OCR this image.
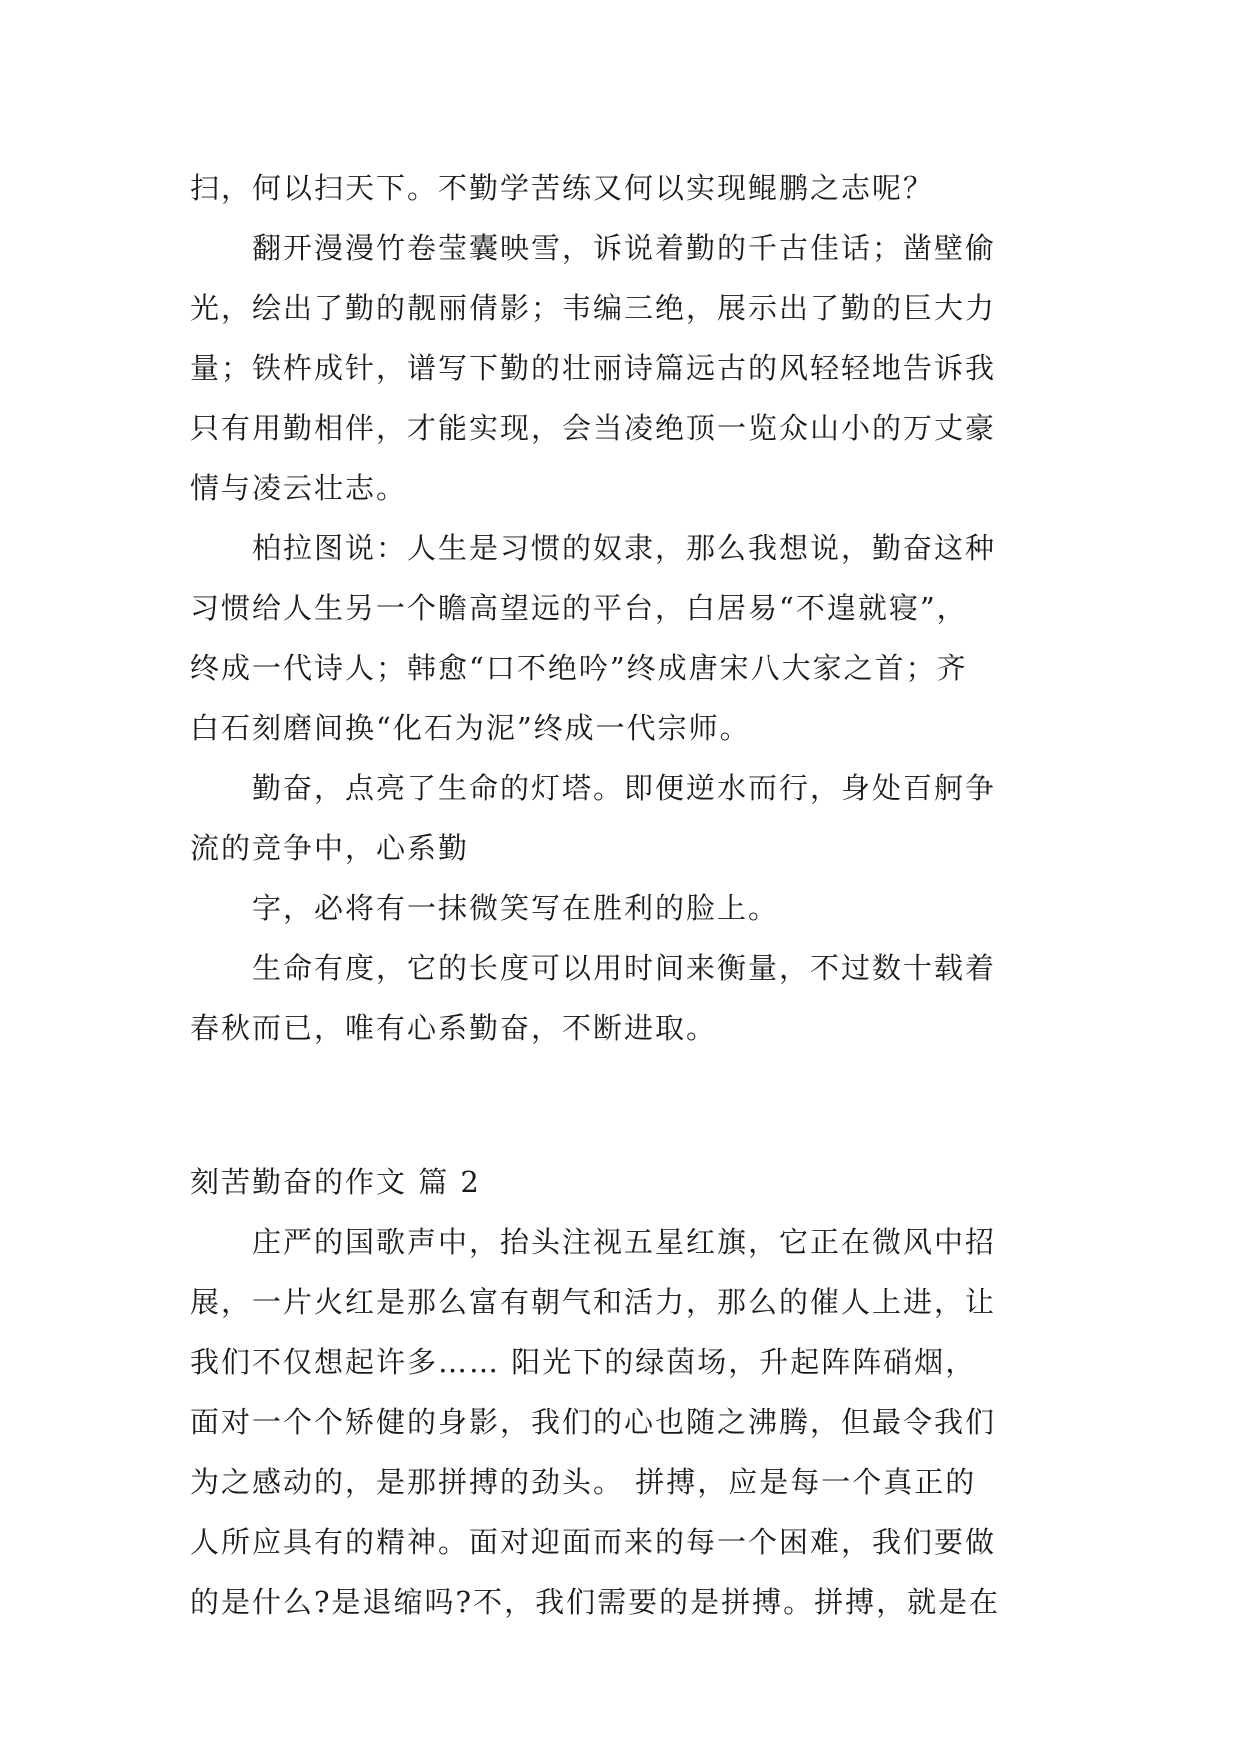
扫，何以扫天下。不勤学苦练又何以实现鲲鹏之志呢？
翻开漫漫竹卷莹囊映雪，诉说着勤的千古佳话；凿壁偷
光，绘出了勤的靓丽倩影；韦编三绝，展示出了勤的巨大力
量；铁杵成针，谱写下勤的壮丽诗篇远古的风轻轻地告诉我
只有用勤相伴，才能实现，会当凌绝顶一览众山小的万丈豪
情与凌云壮志。
柏拉图说：人生是习惯的奴隶，那么我想说，勤奋这种
习惯给人生另一个瞻高望远的平台，白居易“不遑就寝”，
终成一代诗人；韩愈“口不绝吟”终成唐宋八大家之首；齐
白石刻磨间换“化石为泥”终成一代宗师。
勤奋，点亮了生命的灯塔。即便逆水而行，身处百舸争
流的竞争中，心系勤
字，必将有一抹微笑写在胜利的脸上。
生命有度，它的长度可以用时间来衡量，不过数十载着
春秋而已，唯有心系勤奋，不断进取。
刻苦勤奋的作文 篇 2
庄严的国歌声中，抬头注视五星红旗，它正在微风中招
展，一片火红是那么富有朝气和活力，那么的催人上进，让
我们不仅想起许多…… 阳光下的绿茵场，升起阵阵硝烟，
面对一个个矫健的身影，我们的心也随之沸腾，但最令我们
为之感动的，是那拼搏的劲头。 拼搏，应是每一个真正的
人所应具有的精神。面对迎面而来的每一个困难，我们要做
的是什么?是退缩吗?不，我们需要的是拼搏。拼搏，就是在
